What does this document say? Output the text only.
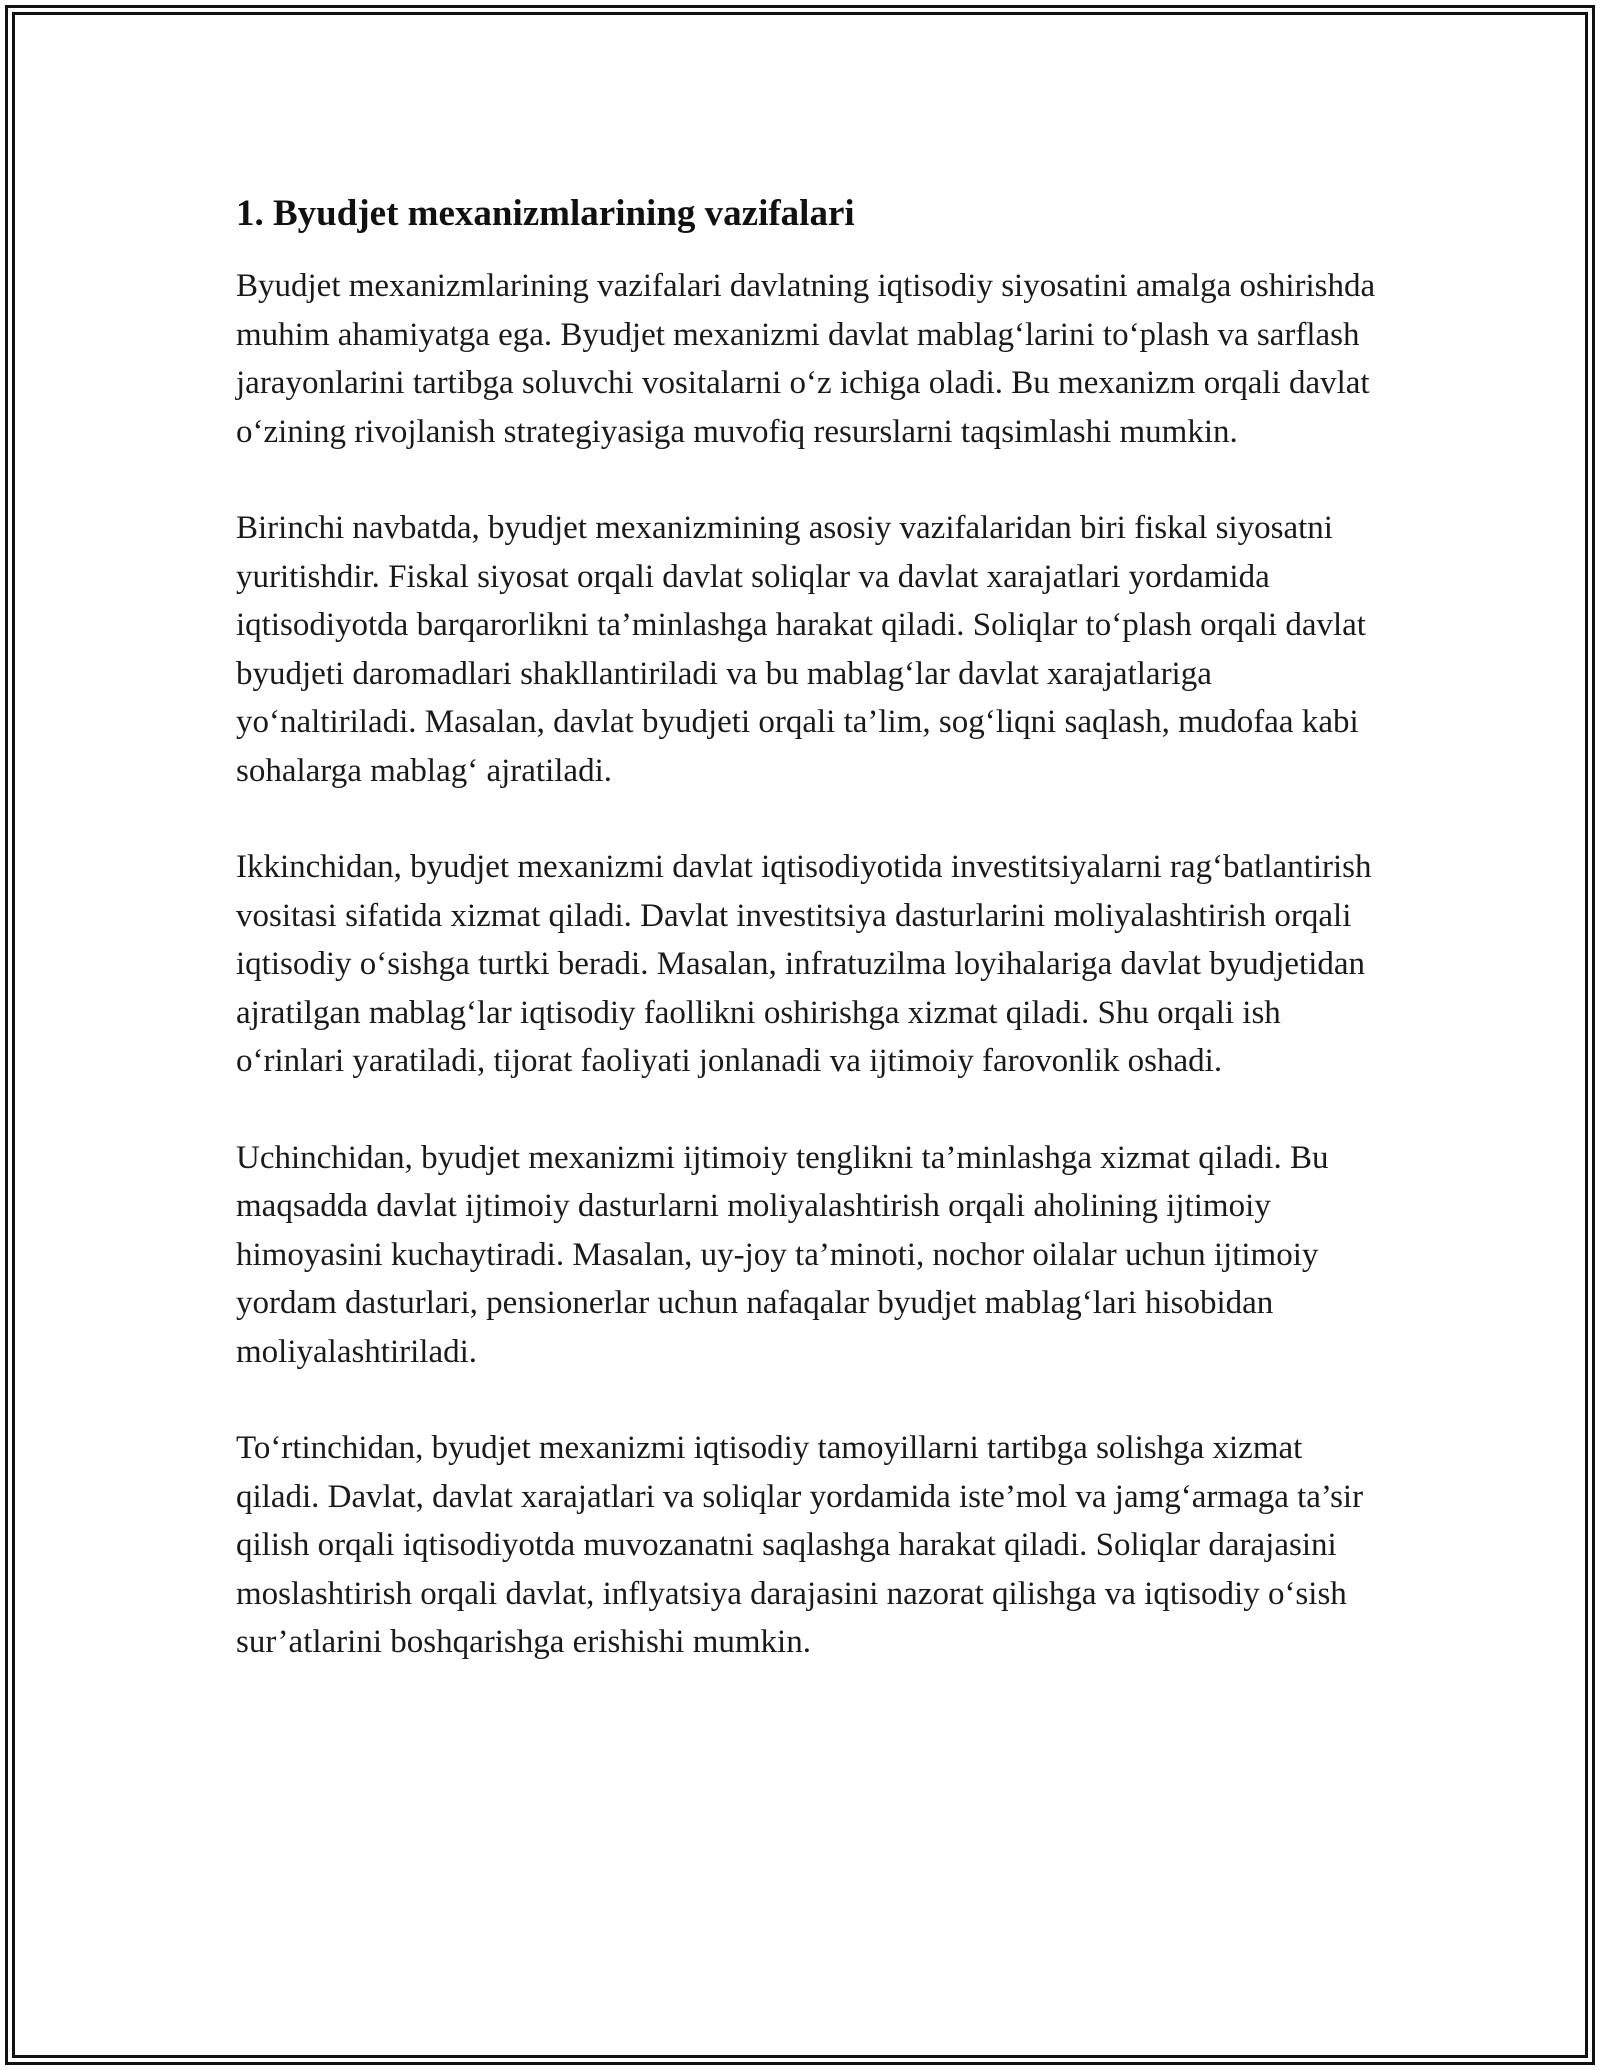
1. Byudjet mexanizmlarining vazifalari

Byudjet mexanizmlarining vazifalari davlatning iqtisodiy siyosatini amalga oshirishda muhim ahamiyatga ega. Byudjet mexanizmi davlat mablag‘larini to‘plash va sarflash jarayonlarini tartibga soluvchi vositalarni o‘z ichiga oladi. Bu mexanizm orqali davlat o‘zining rivojlanish strategiyasiga muvofiq resurslarni taqsimlashi mumkin.

Birinchi navbatda, byudjet mexanizmining asosiy vazifalaridan biri fiskal siyosatni yuritishdir. Fiskal siyosat orqali davlat soliqlar va davlat xarajatlari yordamida iqtisodiyotda barqarorlikni ta’minlashga harakat qiladi. Soliqlar to‘plash orqali davlat byudjeti daromadlari shakllantiriladi va bu mablag‘lar davlat xarajatlariga yo‘naltiriladi. Masalan, davlat byudjeti orqali ta’lim, sog‘liqni saqlash, mudofaa kabi sohalarga mablag‘ ajratiladi.

Ikkinchidan, byudjet mexanizmi davlat iqtisodiyotida investitsiyalarni rag‘batlantirish vositasi sifatida xizmat qiladi. Davlat investitsiya dasturlarini moliyalashtirish orqali iqtisodiy o‘sishga turtki beradi. Masalan, infratuzilma loyihalariga davlat byudjetidan ajratilgan mablag‘lar iqtisodiy faollikni oshirishga xizmat qiladi. Shu orqali ish o‘rinlari yaratiladi, tijorat faoliyati jonlanadi va ijtimoiy farovonlik oshadi.

Uchinchidan, byudjet mexanizmi ijtimoiy tenglikni ta’minlashga xizmat qiladi. Bu maqsadda davlat ijtimoiy dasturlarni moliyalashtirish orqali aholining ijtimoiy himoyasini kuchaytiradi. Masalan, uy-joy ta’minoti, nochor oilalar uchun ijtimoiy yordam dasturlari, pensionerlar uchun nafaqalar byudjet mablag‘lari hisobidan moliyalashtiriladi.

To‘rtinchidan, byudjet mexanizmi iqtisodiy tamoyillarni tartibga solishga xizmat qiladi. Davlat, davlat xarajatlari va soliqlar yordamida iste’mol va jamg‘armaga ta’sir qilish orqali iqtisodiyotda muvozanatni saqlashga harakat qiladi. Soliqlar darajasini moslashtirish orqali davlat, inflyatsiya darajasini nazorat qilishga va iqtisodiy o‘sish sur’atlarini boshqarishga erishishi mumkin.
